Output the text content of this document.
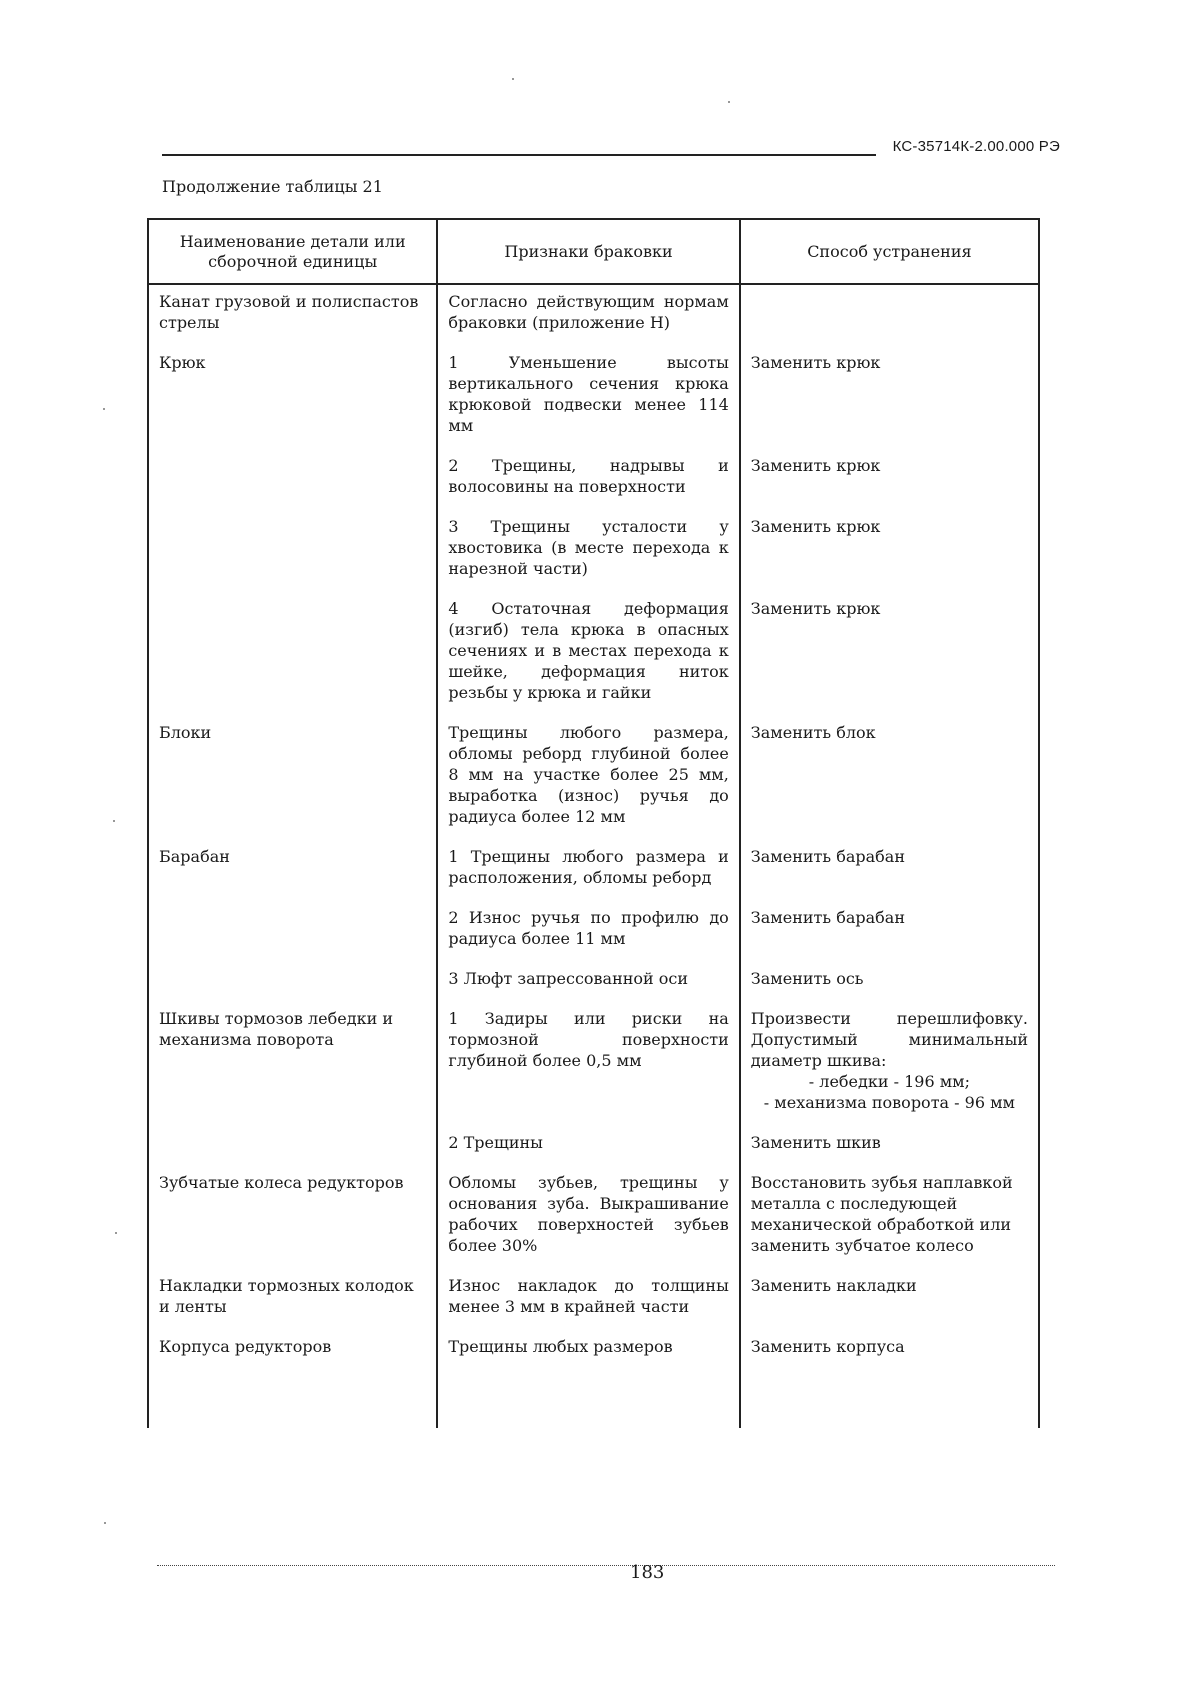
КС-35714К-2.00.000 РЭ
Продолжение таблицы 21
Наименование детали или сборочной единицы	Признаки браковки	Способ устранения
Канат грузовой и полиспастов стрелы	Согласно действующим нормам браковки (приложение Н)	
Крюк	1 Уменьшение высоты вертикального сечения крюка крюковой подвески менее 114 мм	Заменить крюк
	2 Трещины, надрывы и волосовины на поверхности	Заменить крюк
	3 Трещины усталости у хвостовика (в месте перехода к нарезной части)	Заменить крюк
	4 Остаточная деформация (изгиб) тела крюка в опасных сечениях и в местах перехода к шейке, деформация ниток резьбы у крюка и гайки	Заменить крюк
Блоки	Трещины любого размера, обломы реборд глубиной более 8 мм на участке более 25 мм, выработка (износ) ручья до радиуса более 12 мм	Заменить блок
Барабан	1 Трещины любого размера и расположения, обломы реборд	Заменить барабан
	2 Износ ручья по профилю до радиуса более 11 мм	Заменить барабан
	3 Люфт запрессованной оси	Заменить ось
Шкивы тормозов лебедки и механизма поворота	1 Задиры или риски на тормозной поверхности глубиной более 0,5 мм	Произвести перешлифовку. Допустимый минимальный диаметр шкива:
- лебедки - 196 мм;
- механизма поворота - 96 мм

	2 Трещины	Заменить шкив
Зубчатые колеса редукторов	Обломы зубьев, трещины у основания зуба. Выкрашивание рабочих поверхностей зубьев более 30%	Восстановить зубья наплавкой металла с последующей механической обработкой или заменить зубчатое колесо
Накладки тормозных колодок и ленты	Износ накладок до толщины менее 3 мм в крайней части	Заменить накладки
Корпуса редукторов	Трещины любых размеров	Заменить корпуса

183
